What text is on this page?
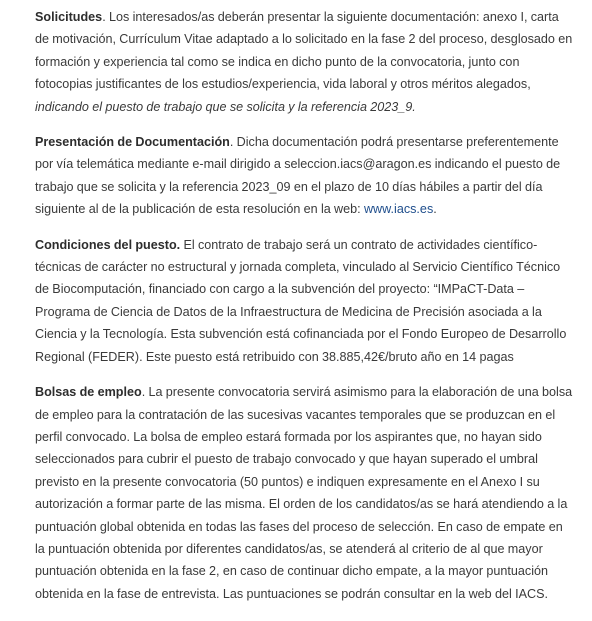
Solicitudes. Los interesados/as deberán presentar la siguiente documentación: anexo I, carta de motivación, Currículum Vitae adaptado a lo solicitado en la fase 2 del proceso, desglosado en formación y experiencia tal como se indica en dicho punto de la convocatoria, junto con fotocopias justificantes de los estudios/experiencia, vida laboral y otros méritos alegados, indicando el puesto de trabajo que se solicita y la referencia 2023_9.

Presentación de Documentación. Dicha documentación podrá presentarse preferentemente por vía telemática mediante e-mail dirigido a seleccion.iacs@aragon.es indicando el puesto de trabajo que se solicita y la referencia 2023_09 en el plazo de 10 días hábiles a partir del día siguiente al de la publicación de esta resolución en la web: www.iacs.es.

Condiciones del puesto. El contrato de trabajo será un contrato de actividades científico-técnicas de carácter no estructural y jornada completa, vinculado al Servicio Científico Técnico de Biocomputación, financiado con cargo a la subvención del proyecto: “IMPaCT-Data – Programa de Ciencia de Datos de la Infraestructura de Medicina de Precisión asociada a la Ciencia y la Tecnología. Esta subvención está cofinanciada por el Fondo Europeo de Desarrollo Regional (FEDER). Este puesto está retribuido con 38.885,42€/bruto año en 14 pagas

Bolsas de empleo. La presente convocatoria servirá asimismo para la elaboración de una bolsa de empleo para la contratación de las sucesivas vacantes temporales que se produzcan en el perfil convocado. La bolsa de empleo estará formada por los aspirantes que, no hayan sido seleccionados para cubrir el puesto de trabajo convocado y que hayan superado el umbral previsto en la presente convocatoria (50 puntos) e indiquen expresamente en el Anexo I su autorización a formar parte de las misma. El orden de los candidatos/as se hará atendiendo a la puntuación global obtenida en todas las fases del proceso de selección. En caso de empate en la puntuación obtenida por diferentes candidatos/as, se atenderá al criterio de al que mayor puntuación obtenida en la fase 2, en caso de continuar dicho empate, a la mayor puntuación obtenida en la fase de entrevista. Las puntuaciones se podrán consultar en la web del IACS.
